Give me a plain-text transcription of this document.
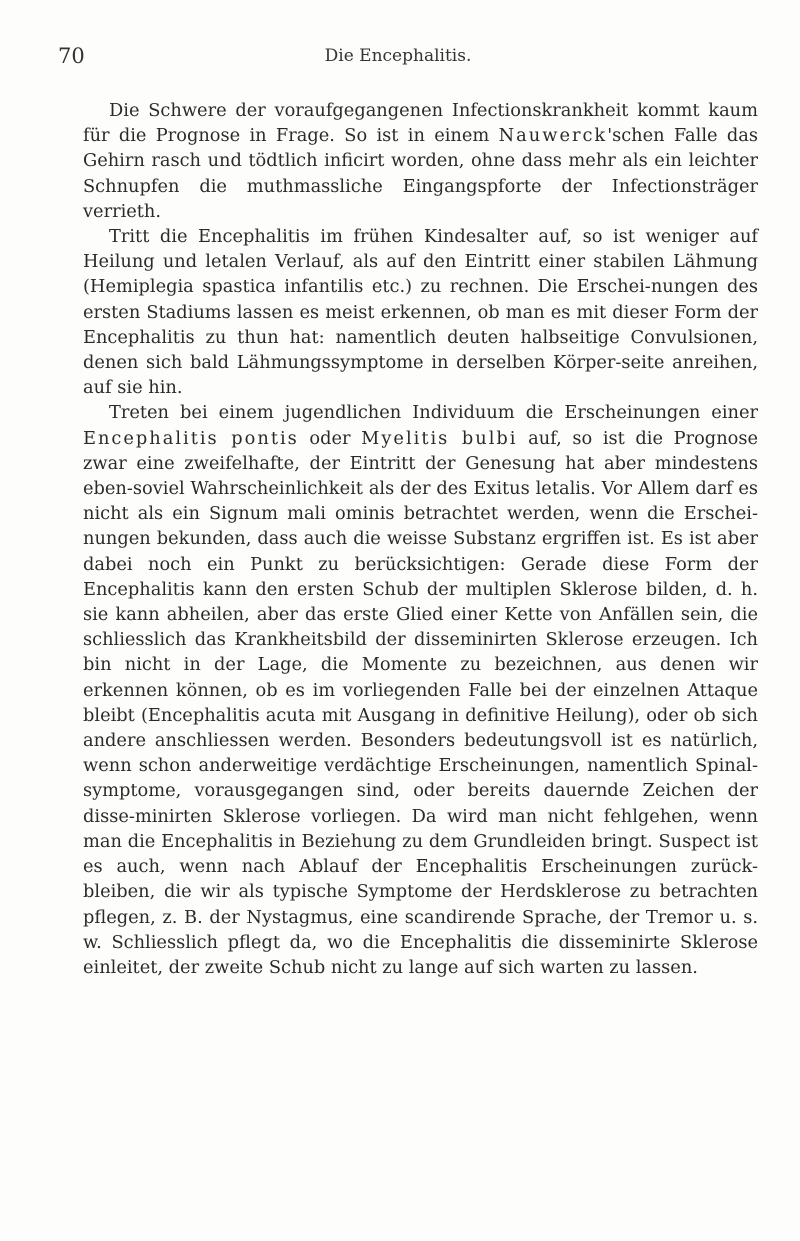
70	Die Encephalitis.

Die Schwere der voraufgegangenen Infectionskrankheit kommt kaum für die Prognose in Frage. So ist in einem Nauwerck'schen Falle das Gehirn rasch und tödtlich inficirt worden, ohne dass mehr als ein leichter Schnupfen die muthmassliche Eingangspforte der Infectionsträger verrieth.

Tritt die Encephalitis im frühen Kindesalter auf, so ist weniger auf Heilung und letalen Verlauf, als auf den Eintritt einer stabilen Lähmung (Hemiplegia spastica infantilis etc.) zu rechnen. Die Erschei-nungen des ersten Stadiums lassen es meist erkennen, ob man es mit dieser Form der Encephalitis zu thun hat: namentlich deuten halbseitige Convulsionen, denen sich bald Lähmungssymptome in derselben Körper-seite anreihen, auf sie hin.

Treten bei einem jugendlichen Individuum die Erscheinungen einer Encephalitis pontis oder Myelitis bulbi auf, so ist die Prognose zwar eine zweifelhafte, der Eintritt der Genesung hat aber mindestens eben-soviel Wahrscheinlichkeit als der des Exitus letalis. Vor Allem darf es nicht als ein Signum mali ominis betrachtet werden, wenn die Erschei-nungen bekunden, dass auch die weisse Substanz ergriffen ist. Es ist aber dabei noch ein Punkt zu berücksichtigen: Gerade diese Form der Encephalitis kann den ersten Schub der multiplen Sklerose bilden, d. h. sie kann abheilen, aber das erste Glied einer Kette von Anfällen sein, die schliesslich das Krankheitsbild der disseminirten Sklerose erzeugen. Ich bin nicht in der Lage, die Momente zu bezeichnen, aus denen wir erkennen können, ob es im vorliegenden Falle bei der einzelnen Attaque bleibt (Encephalitis acuta mit Ausgang in definitive Heilung), oder ob sich andere anschliessen werden. Besonders bedeutungsvoll ist es natürlich, wenn schon anderweitige verdächtige Erscheinungen, namentlich Spinal-symptome, vorausgegangen sind, oder bereits dauernde Zeichen der disse-minirten Sklerose vorliegen. Da wird man nicht fehlgehen, wenn man die Encephalitis in Beziehung zu dem Grundleiden bringt. Suspect ist es auch, wenn nach Ablauf der Encephalitis Erscheinungen zurück-bleiben, die wir als typische Symptome der Herdsklerose zu betrachten pflegen, z. B. der Nystagmus, eine scandirende Sprache, der Tremor u. s. w. Schliesslich pflegt da, wo die Encephalitis die disseminirte Sklerose einleitet, der zweite Schub nicht zu lange auf sich warten zu lassen.
